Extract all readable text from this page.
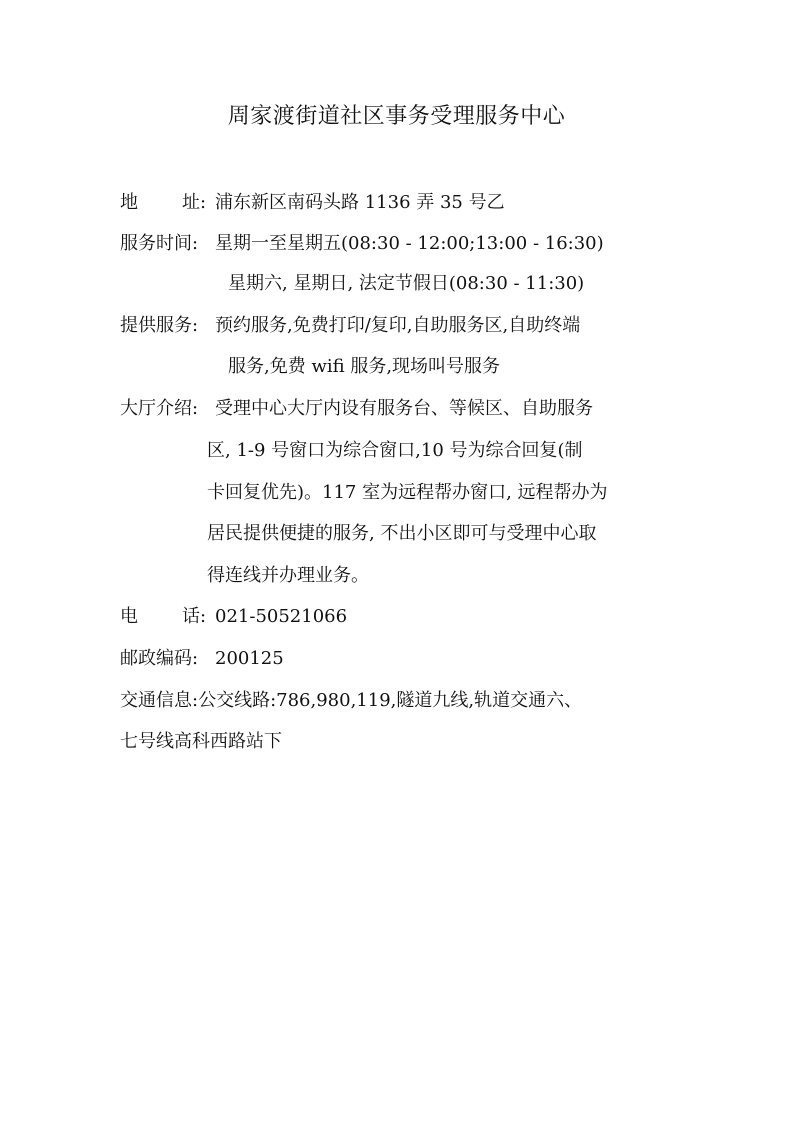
周家渡街道社区事务受理服务中心
地 址: 浦东新区南码头路 1136 弄 35 号乙
服务时间: 星期一至星期五(08:30 - 12:00;13:00 - 16:30)
星期六, 星期日, 法定节假日(08:30 - 11:30)
提供服务: 预约服务,免费打印/复印,自助服务区,自助终端
服务,免费 wifi 服务,现场叫号服务
大厅介绍: 受理中心大厅内设有服务台、等候区、自助服务
区, 1-9 号窗口为综合窗口,10 号为综合回复(制
卡回复优先)。117 室为远程帮办窗口, 远程帮办为
居民提供便捷的服务, 不出小区即可与受理中心取
得连线并办理业务。
电 话: 021-50521066
邮政编码: 200125
交通信息:公交线路:786,980,119,隧道九线,轨道交通六、
七号线高科西路站下
